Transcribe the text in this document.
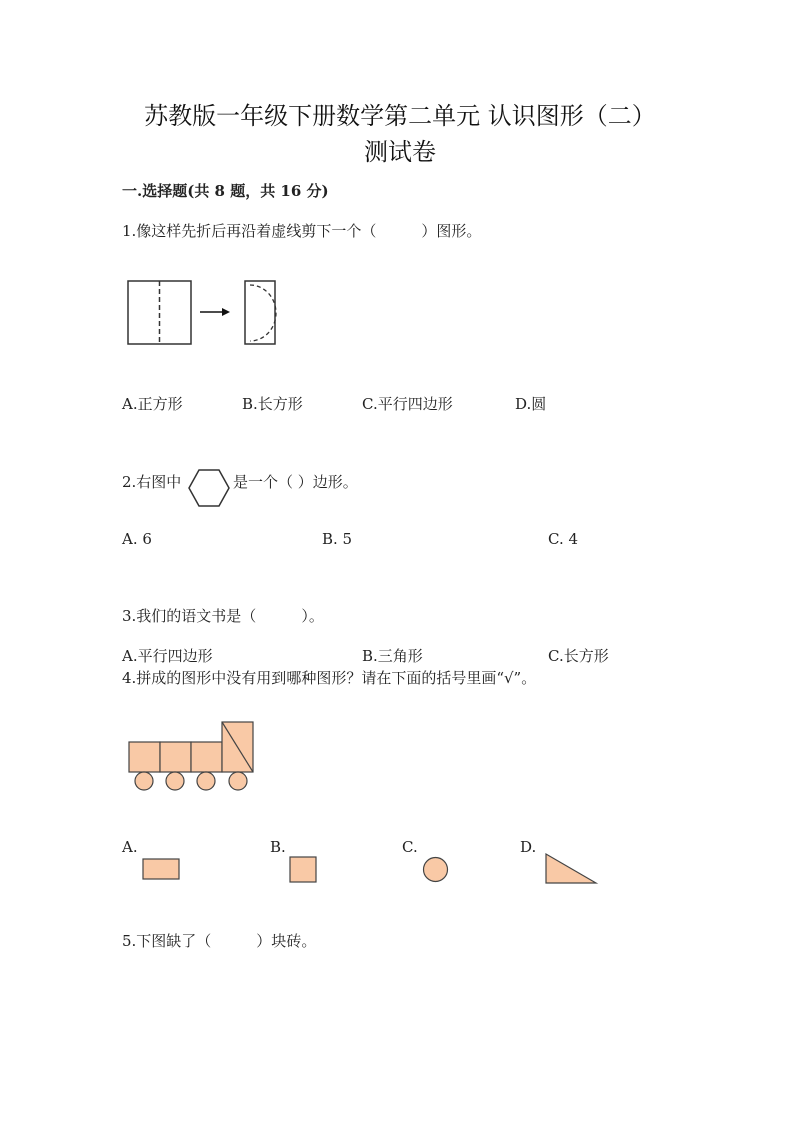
苏教版一年级下册数学第二单元 认识图形（二）
测试卷
一.选择题(共 8 题，共 16 分)
1.像这样先折后再沿着虚线剪下一个（　　　）图形。
A.正方形	B.长方形	C.平行四边形	D.圆
2.右图中	是一个（ ）边形。
A. 6	B. 5	C. 4
3.我们的语文书是（　　　）。
A.平行四边形	B.三角形	C.长方形
4.拼成的图形中没有用到哪种图形？请在下面的括号里画“√”。
A.	B.	C.	D.
5.下图缺了（　　　）块砖。
